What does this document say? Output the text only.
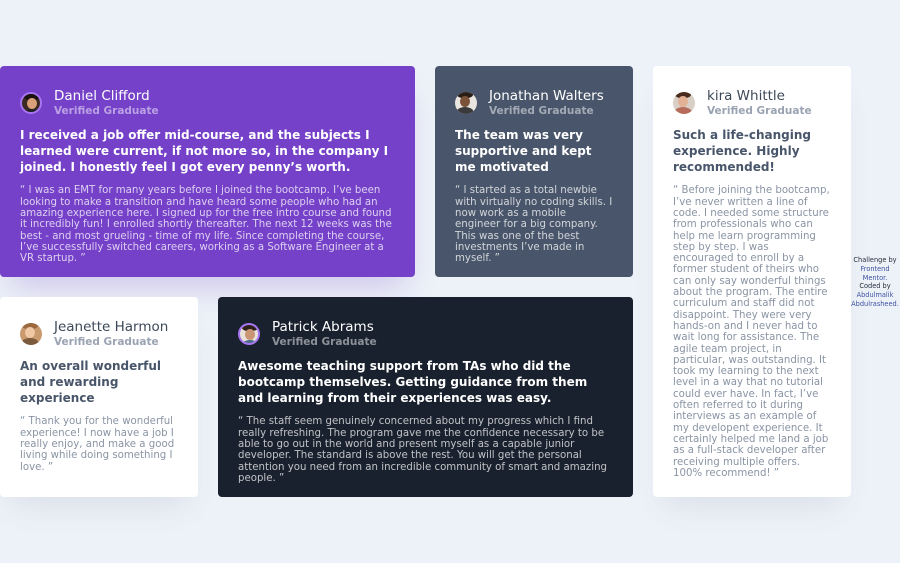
Daniel Clifford
Verified Graduate

I received a job offer mid-course, and the subjects I learned were current, if not more so, in the company I joined. I honestly feel I got every penny’s worth.

“ I was an EMT for many years before I joined the bootcamp. I’ve been looking to make a transition and have heard some people who had an amazing experience here. I signed up for the free intro course and found it incredibly fun! I enrolled shortly thereafter. The next 12 weeks was the best - and most grueling - time of my life. Since completing the course, I’ve successfully switched careers, working as a Software Engineer at a VR startup. ”

Jonathan Walters
Verified Graduate

The team was very supportive and kept me motivated

“ I started as a total newbie with virtually no coding skills. I now work as a mobile engineer for a big company. This was one of the best investments I’ve made in myself. ”

kira Whittle
Verified Graduate

Such a life-changing experience. Highly recommended!

“ Before joining the bootcamp, I’ve never written a line of code. I needed some structure from professionals who can help me learn programming step by step. I was encouraged to enroll by a former student of theirs who can only say wonderful things about the program. The entire curriculum and staff did not disappoint. They were very hands-on and I never had to wait long for assistance. The agile team project, in particular, was outstanding. It took my learning to the next level in a way that no tutorial could ever have. In fact, I’ve often referred to it during interviews as an example of my developent experience. It certainly helped me land a job as a full-stack developer after receiving multiple offers. 100% recommend! ”

Jeanette Harmon
Verified Graduate

An overall wonderful and rewarding experience

“ Thank you for the wonderful experience! I now have a job I really enjoy, and make a good living while doing something I love. ”

Patrick Abrams
Verified Graduate

Awesome teaching support from TAs who did the bootcamp themselves. Getting guidance from them and learning from their experiences was easy.

“ The staff seem genuinely concerned about my progress which I find really refreshing. The program gave me the confidence necessary to be able to go out in the world and present myself as a capable junior developer. The standard is above the rest. You will get the personal attention you need from an incredible community of smart and amazing people. ”

Challenge by
Frontend Mentor.
Coded by
Abdulmalik Abdulrasheed.
